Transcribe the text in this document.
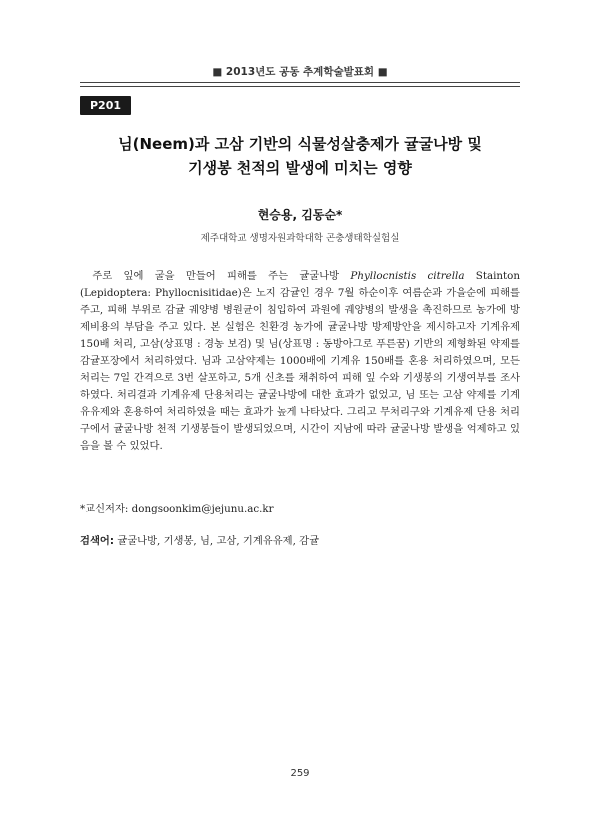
■ 2013년도 공동 추계학술발표회 ■
P201
님(Neem)과 고삼 기반의 식물성살충제가 귤굴나방 및
기생봉 천적의 발생에 미치는 영향
현승용, 김동순*
제주대학교 생명자원과학대학 곤충생태학실험실
주로 잎에 굴을 만들어 피해를 주는 귤굴나방 Phyllocnistis citrella Stainton (Lepidoptera: Phyllocnisitidae)은 노지 감귤인 경우 7월 하순이후 여름순과 가을순에 피해를 주고, 피해 부위로 감귤 궤양병 병원균이 침입하여 과원에 궤양병의 발생을 촉진하므로 농가에 방제비용의 부담을 주고 있다. 본 실험은 친환경 농가에 귤굴나방 방제방안을 제시하고자 기계유제 150배 처리, 고삼(상표명 : 경농 보검) 및 님(상표명 : 동방아그로 푸른꿈) 기반의 제형화된 약제를 감귤포장에서 처리하였다. 님과 고삼약제는 1000배에 기계유 150배를 혼용 처리하였으며, 모든 처리는 7일 간격으로 3번 살포하고, 5개 신초를 채취하여 피해 잎 수와 기생봉의 기생여부를 조사 하였다. 처리결과 기계유제 단용처리는 귤굴나방에 대한 효과가 없었고, 님 또는 고삼 약제를 기계유유제와 혼용하여 처리하였을 때는 효과가 높게 나타났다. 그리고 무처리구와 기계유제 단용 처리구에서 귤굴나방 천적 기생봉들이 발생되었으며, 시간이 지남에 따라 귤굴나방 발생을 억제하고 있음을 볼 수 있었다.
*교신저자: dongsoonkim@jejunu.ac.kr
검색어: 귤굴나방, 기생봉, 님, 고삼, 기계유유제, 감귤
259
